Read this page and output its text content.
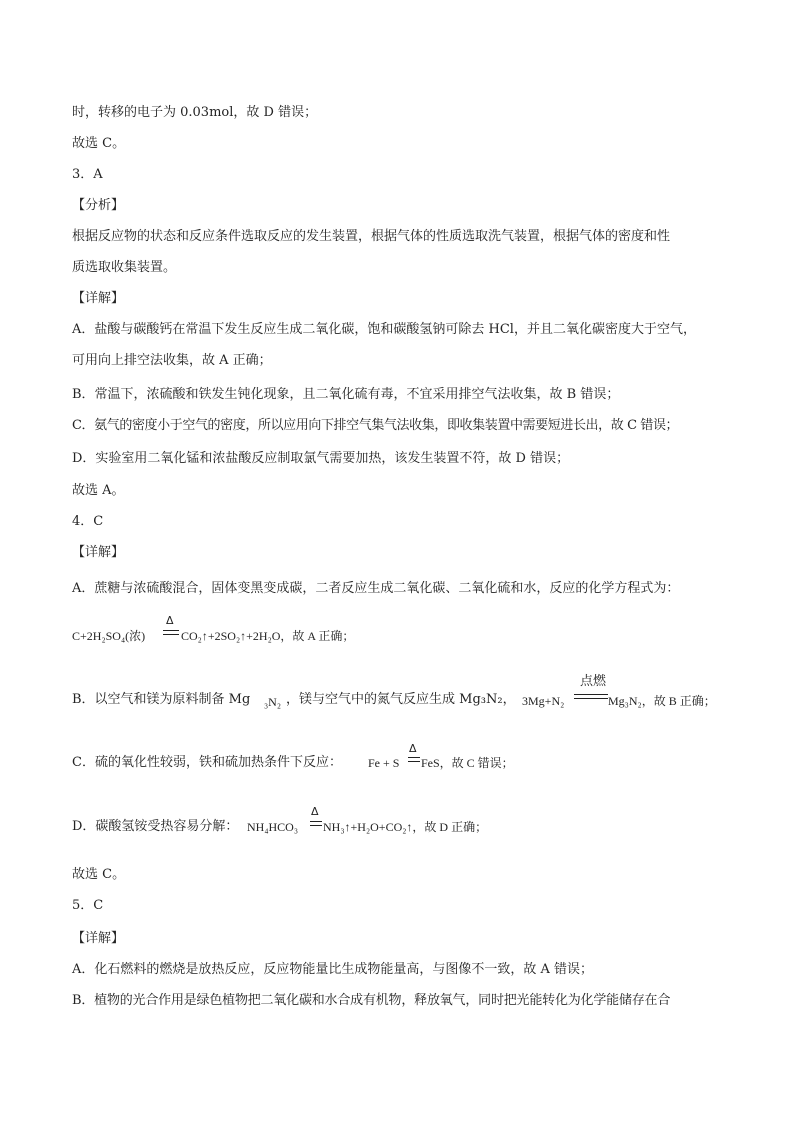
时，转移的电子为 0.03mol，故 D 错误；
故选 C。
3．A
【分析】
根据反应物的状态和反应条件选取反应的发生装置，根据气体的性质选取洗气装置，根据气体的密度和性
质选取收集装置。
【详解】
A．盐酸与碳酸钙在常温下发生反应生成二氧化碳，饱和碳酸氢钠可除去 HCl，并且二氧化碳密度大于空气，
可用向上排空法收集，故 A 正确；
B．常温下，浓硫酸和铁发生钝化现象，且二氧化硫有毒，不宜采用排空气法收集，故 B 错误；
C．氨气的密度小于空气的密度，所以应用向下排空气集气法收集，即收集装置中需要短进长出，故 C 错误；
D．实验室用二氧化锰和浓盐酸反应制取氯气需要加热，该发生装置不符，故 D 错误；
故选 A。
4．C
【详解】
A．蔗糖与浓硫酸混合，固体变黑变成碳，二者反应生成二氧化碳、二氧化硫和水，反应的化学方程式为：
C+2H₂SO₄(浓)
Δ
CO₂↑+2SO₂↑+2H₂O，故 A 正确；
B．以空气和镁为原料制备 Mg ₃N₂ ，镁与空气中的氮气反应生成 Mg₃N₂， 3Mg+N₂
点燃
Mg₃N₂，故 B 正确；
C．硫的氧化性较弱，铁和硫加热条件下反应： Fe + S
Δ
FeS，故 C 错误；
D．碳酸氢铵受热容易分解： NH₄HCO₃
Δ
NH₃↑+H₂O+CO₂↑，故 D 正确；
故选 C。
5．C
【详解】
A．化石燃料的燃烧是放热反应，反应物能量比生成物能量高，与图像不一致，故 A 错误；
B．植物的光合作用是绿色植物把二氧化碳和水合成有机物，释放氧气，同时把光能转化为化学能储存在合
